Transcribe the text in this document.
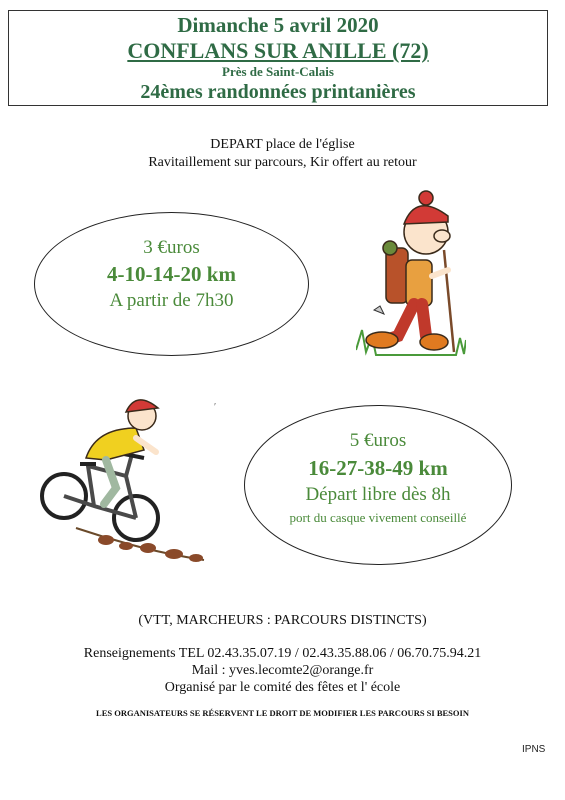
Dimanche 5 avril 2020
CONFLANS SUR ANILLE (72)
Près de Saint-Calais
24èmes randonnées printanières
DEPART place de l'église
Ravitaillement sur parcours, Kir offert au retour
3 €uros
4-10-14-20 km
A partir de 7h30
′
5 €uros
16-27-38-49 km
Départ libre dès 8h
port du casque vivement conseillé
(VTT, MARCHEURS : PARCOURS DISTINCTS)
Renseignements TEL 02.43.35.07.19 / 02.43.35.88.06 / 06.70.75.94.21
Mail : yves.lecomte2@orange.fr
Organisé par le comité des fêtes et l' école
LES ORGANISATEURS SE RÉSERVENT LE DROIT DE MODIFIER LES PARCOURS SI BESOIN
IPNS
